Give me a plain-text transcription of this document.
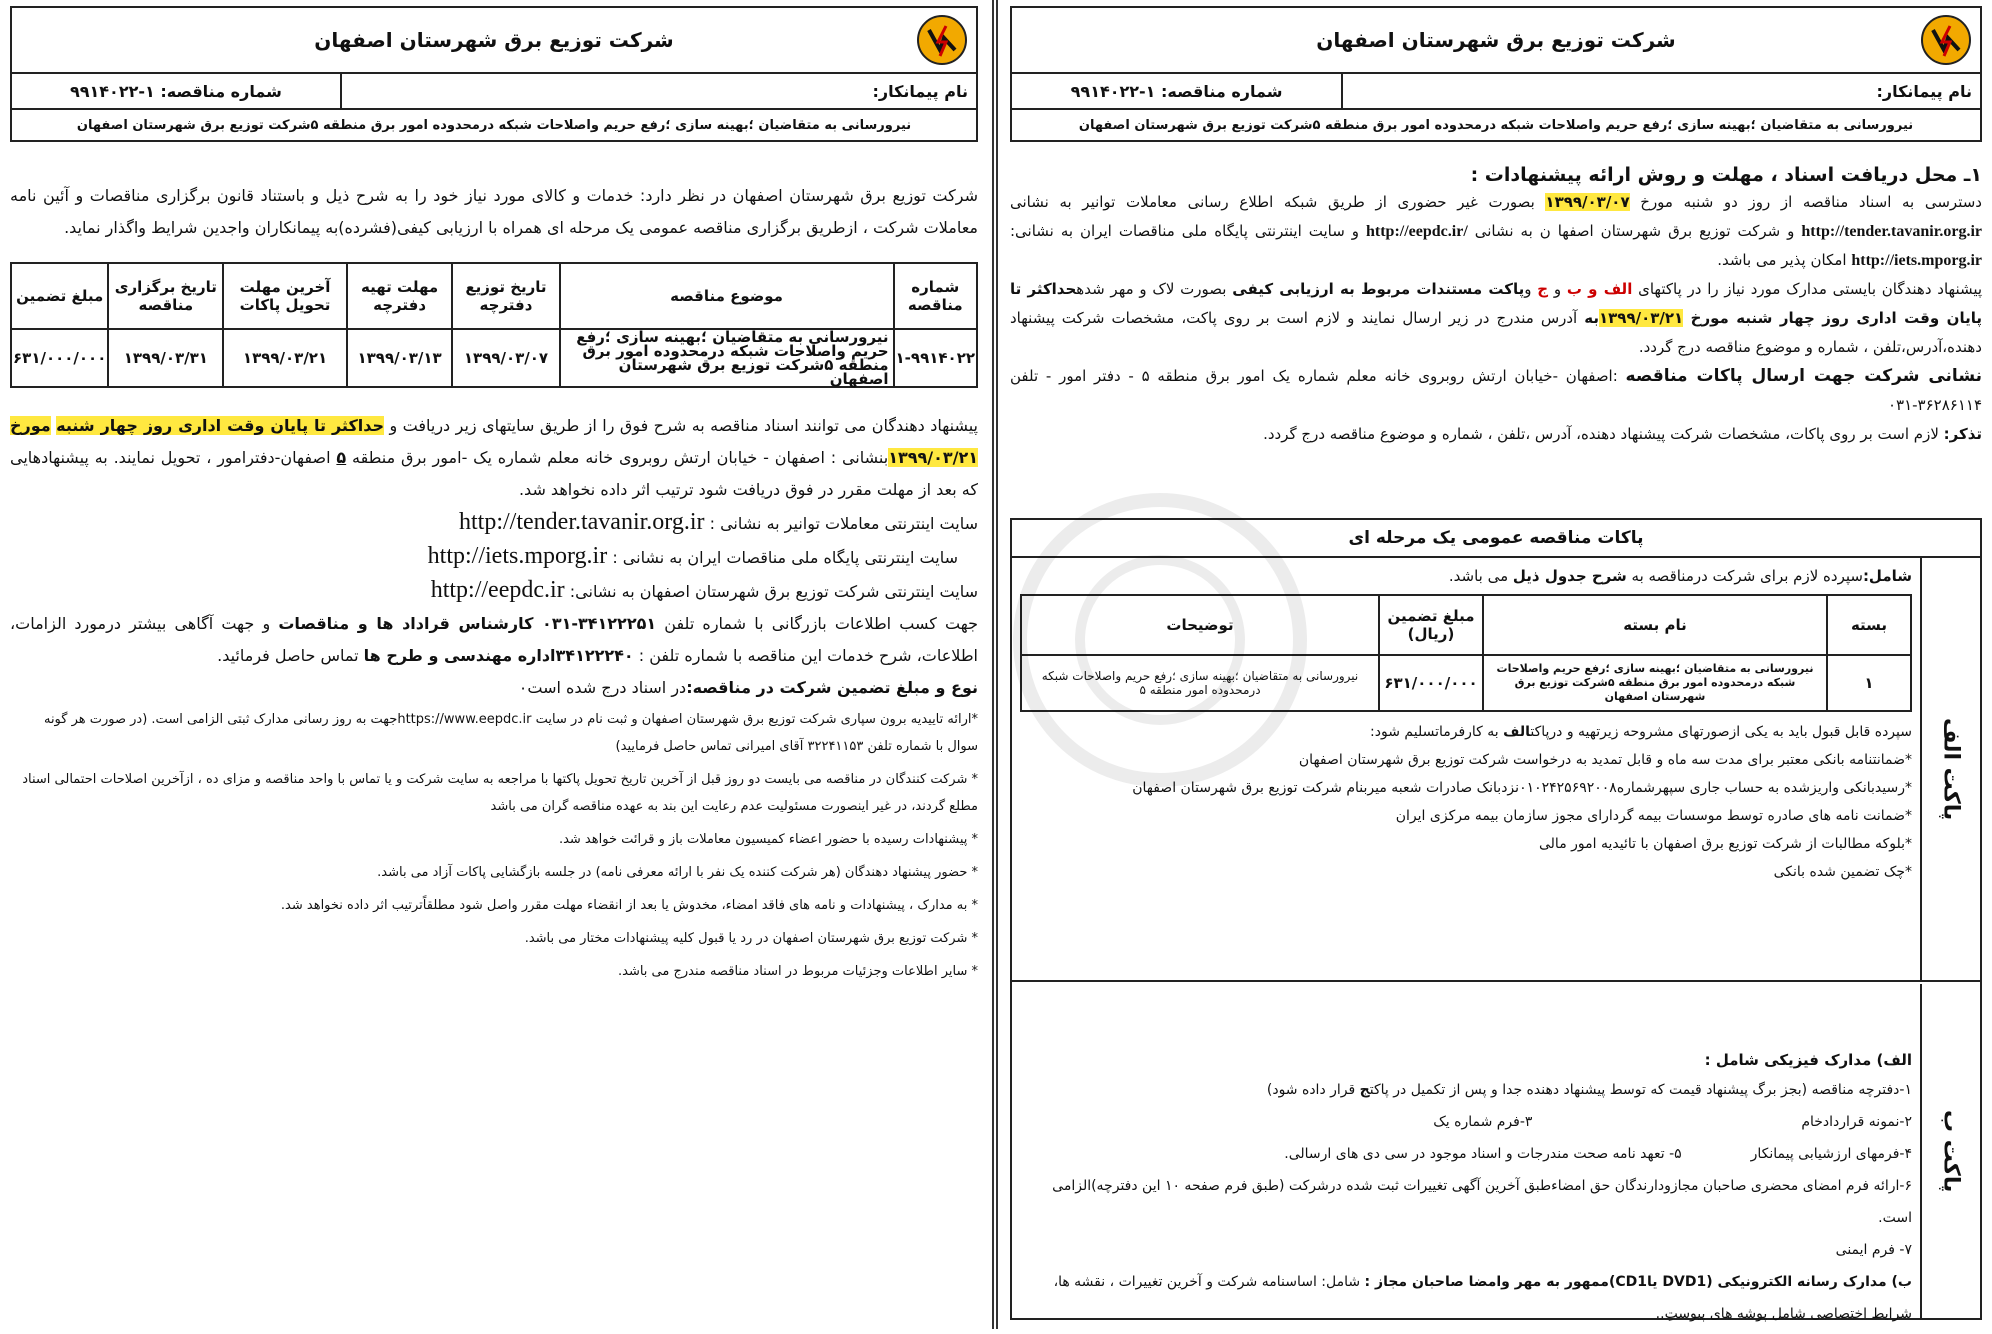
شرکت توزیع برق شهرستان اصفهان
نام پیمانکار:
شماره مناقصه: ۱-۹۹۱۴۰۲۲
نیرورسانی به متقاضیان ؛بهینه سازی ؛رفع حریم واصلاحات شبکه درمحدوده امور برق منطقه ۵شرکت توزیع برق شهرستان اصفهان

شرکت توزیع برق شهرستان اصفهان در نظر دارد: خدمات و کالای مورد نیاز خود را به شرح ذیل و باستناد قانون برگزاری مناقصات و آئین نامه معاملات شرکت ، ازطریق برگزاری مناقصه عمومی یک مرحله ای همراه با ارزیابی کیفی(فشرده)به پیمانکاران واجدین شرایط واگذار نماید.

شماره مناقصه	موضوع مناقصه	تاریخ توزیع دفترچه	مهلت تهیه دفترچه	آخرین مهلت تحویل پاکات	تاریخ برگزاری مناقصه	مبلغ تضمین
۱-۹۹۱۴۰۲۲	نیرورسانی به متقاضیان ؛بهینه سازی ؛رفع حریم واصلاحات شبکه درمحدوده امور برق منطقه ۵شرکت توزیع برق شهرستان اصفهان	۱۳۹۹/۰۳/۰۷	۱۳۹۹/۰۳/۱۳	۱۳۹۹/۰۳/۲۱	۱۳۹۹/۰۳/۳۱	۶۳۱/۰۰۰/۰۰۰

پیشنهاد دهندگان می توانند اسناد مناقصه به شرح فوق را از طریق سایتهای زیر دریافت و حداکثر تا پایان وقت اداری روز چهار شنبه مورخ ۱۳۹۹/۰۳/۲۱بنشانی : اصفهان - خیابان ارتش روبروی خانه معلم شماره یک -امور برق منطقه ۵ اصفهان-دفترامور ، تحویل نمایند. به پیشنهادهایی که بعد از مهلت مقرر در فوق دریافت شود ترتیب اثر داده نخواهد شد.

سایت اینترنتی معاملات توانیر به نشانی : http://tender.tavanir.org.ir
سایت اینترنتی پایگاه ملی مناقصات ایران به نشانی : http://iets.mporg.ir
سایت اینترنتی شرکت توزیع برق شهرستان اصفهان به نشانی: http://eepdc.ir

جهت کسب اطلاعات بازرگانی با شماره تلفن ۳۴۱۲۲۲۵۱-۰۳۱ کارشناس قراداد ها و مناقصات و جهت آگاهی بیشتر درمورد الزامات، اطلاعات، شرح خدمات این مناقصه با شماره تلفن : ۳۴۱۲۲۲۴۰اداره مهندسی و طرح ها تماس حاصل فرمائید.

نوع و مبلغ تضمین شرکت در مناقصه:در اسناد درج شده است٠

*ارائه تاییدیه برون سپاری شرکت توزیع برق شهرستان اصفهان و ثبت نام در سایت https://www.eepdc.irجهت به روز رسانی مدارک ثبتی الزامی است. (در صورت هر گونه سوال با شماره تلفن ۳۲۲۴۱۱۵۳ آقای امیرانی تماس حاصل فرمایید)

* شرکت کنندگان در مناقصه می بایست دو روز قبل از آخرین تاریخ تحویل پاکتها با مراجعه به سایت شرکت و یا تماس با واحد مناقصه و مزای ده ، ازآخرین اصلاحات احتمالی اسناد مطلع گردند، در غیر اینصورت مسئولیت عدم رعایت این بند به عهده مناقصه گران می باشد

* پیشنهادات رسیده با حضور اعضاء کمیسیون معاملات باز و قرائت خواهد شد.

* حضور پیشنهاد دهندگان (هر شرکت کننده یک نفر با ارائه معرفی نامه) در جلسه بازگشایی پاکات آزاد می باشد.

* به مدارک ، پیشنهادات و نامه های فاقد امضاء، مخدوش یا بعد از انقضاء مهلت مقرر واصل شود مطلقاًترتیب اثر داده نخواهد شد.

* شرکت توزیع برق شهرستان اصفهان در رد یا قبول کلیه پیشنهادات مختار می باشد.

* سایر اطلاعات وجزئیات مربوط در اسناد مناقصه مندرج می باشد.

شرکت توزیع برق شهرستان اصفهان
نام پیمانکار:
شماره مناقصه: ۱-۹۹۱۴۰۲۲
نیرورسانی به متقاضیان ؛بهینه سازی ؛رفع حریم واصلاحات شبکه درمحدوده امور برق منطقه ۵شرکت توزیع برق شهرستان اصفهان
۱ـ محل دریافت اسناد ، مهلت و روش ارائه پیشنهادات :

دسترسی به اسناد مناقصه از روز دو شنبه مورخ ۱۳۹۹/۰۳/۰۷ بصورت غیر حضوری از طریق شبکه اطلاع رسانی معاملات توانیر به نشانی http://tender.tavanir.org.ir و شرکت توزیع برق شهرستان اصفها ن به نشانی http://eepdc.ir/ و سایت اینترنتی پایگاه ملی مناقصات ایران به نشانی: http://iets.mporg.ir امکان پذیر می باشد.

پیشنهاد دهندگان بایستی مدارک مورد نیاز را در پاکتهای الف و ب و ج وپاکت مستندات مربوط به ارزیابی کیفی بصورت لاک و مهر شدهحداکثر تا پایان وقت اداری روز چهار شنبه مورخ ۱۳۹۹/۰۳/۲۱به آدرس مندرج در زیر ارسال نمایند و لازم است بر روی پاکت، مشخصات شرکت پیشنهاد دهنده،آدرس،تلفن ، شماره و موضوع مناقصه درج گردد.

نشانی شرکت جهت ارسال پاکات مناقصه :اصفهان -خیابان ارتش روبروی خانه معلم شماره یک امور برق منطقه ۵ - دفتر امور - تلفن ۳۶۲۸۶۱۱۴-۰۳۱

تذکر: لازم است بر روی پاکات، مشخصات شرکت پیشنهاد دهنده، آدرس ،تلفن ، شماره و موضوع مناقصه درج گردد.

پاکات مناقصه عمومی یک مرحله ای
پاکت الف

شامل:سپرده لازم برای شرکت درمناقصه به شرح جدول ذیل می باشد.

بسته	نام بسته	مبلغ تضمین (ریال)	توضیحات
۱	نیرورسانی به متقاضیان ؛بهینه سازی ؛رفع حریم واصلاحات شبکه درمحدوده امور برق منطقه ۵شرکت توزیع برق شهرستان اصفهان	۶۳۱/۰۰۰/۰۰۰	نیرورسانی به متقاضیان ؛بهینه سازی ؛رفع حریم واصلاحات شبکه درمحدوده امور منطقه ۵

سپرده قابل قبول باید به یکی ازصورتهای مشروحه زیرتهیه و درپاکتالف به کارفرماتسلیم شود:

*ضمانتنامه بانکی معتبر برای مدت سه ماه و قابل تمدید به درخواست شرکت توزیع برق شهرستان اصفهان

*رسیدبانکی واریزشده به حساب جاری سپهرشماره۰۱۰۲۴۲۵۶۹۲۰۰۸نزدبانک صادرات شعبه میربنام شرکت توزیع برق شهرستان اصفهان

*ضمانت نامه های صادره توسط موسسات بیمه گردارای مجوز سازمان بیمه مرکزی ایران

*بلوکه مطالبات از شرکت توزیع برق اصفهان با تائیدیه امور مالی

*چک تضمین شده بانکی

پاکت ب

الف) مدارک فیزیکی شامل :

۱-دفترچه مناقصه (بجز برگ پیشنهاد قیمت که توسط پیشنهاد دهنده جدا و پس از تکمیل در پاکتج قرار داده شود)

۲-نمونه قراردادخام  ۳-فرم شماره یک

۴-فرمهای ارزشیابی پیمانکار  ۵- تعهد نامه صحت مندرجات و اسناد موجود در سی دی های ارسالی.

۶-ارائه فرم امضای محضری صاحبان مجازودارندگان حق امضاءطبق آخرین آگهی تغییرات ثبت شده درشرکت (طبق فرم صفحه ۱۰ این دفترچه)الزامی است.

۷- فرم ایمنی

ب) مدارک رسانه الکترونیکی (DVD1 یاCD1)ممهور به مهر وامضا صاحبان مجاز : شامل: اساسنامه شرکت و آخرین تغییرات ، نقشه ها، شرایط اختصاصی شامل پوشه های پیوستِ..
